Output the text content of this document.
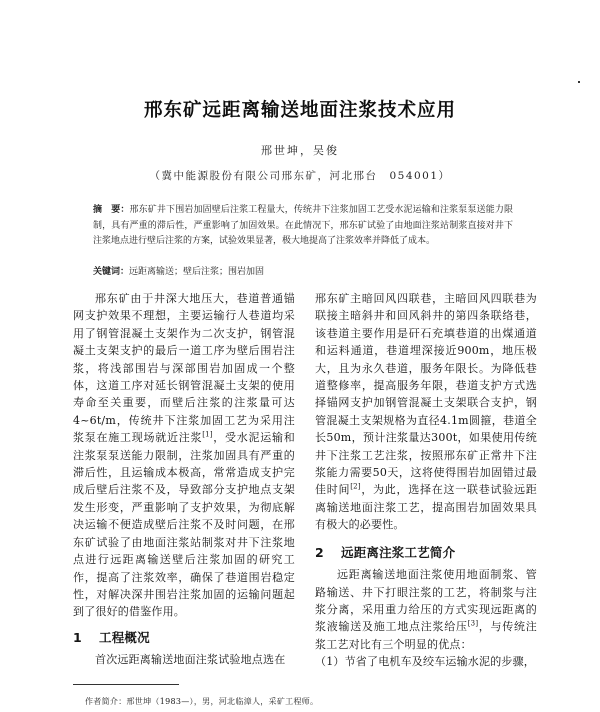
邢东矿远距离输送地面注浆技术应用
邢世坤，吴俊
（冀中能源股份有限公司邢东矿，河北邢台　054001）
摘　要：邢东矿井下围岩加固壁后注浆工程量大，传统井下注浆加固工艺受水泥运输和注浆泵泵送能力限制，具有严重的滞后性，严重影响了加固效果。在此情况下，邢东矿试验了由地面注浆站制浆直接对井下注浆地点进行壁后注浆的方案，试验效果显著，极大地提高了注浆效率并降低了成本。
关键词：远距离输送；壁后注浆；围岩加固

邢东矿由于井深大地压大，巷道普通锚网支护效果不理想，主要运输行人巷道均采用了钢管混凝土支架作为二次支护，钢管混凝土支架支护的最后一道工序为壁后围岩注浆，将浅部围岩与深部围岩加固成一个整体，这道工序对延长钢管混凝土支架的使用寿命至关重要，而壁后注浆的注浆量可达4~6t/m，传统井下注浆加固工艺为采用注浆泵在施工现场就近注浆[1]，受水泥运输和注浆泵泵送能力限制，注浆加固具有严重的滞后性，且运输成本极高，常常造成支护完成后壁后注浆不及，导致部分支护地点支架发生形变，严重影响了支护效果，为彻底解决运输不便造成壁后注浆不及时问题，在邢东矿试验了由地面注浆站制浆对井下注浆地点进行远距离输送壁后注浆加固的研究工作，提高了注浆效率，确保了巷道围岩稳定性，对解决深井围岩注浆加固的运输问题起到了很好的借鉴作用。

1 工程概况

首次远距离输送地面注浆试验地点选在

邢东矿主暗回风四联巷，主暗回风四联巷为联接主暗斜井和回风斜井的第四条联络巷，该巷道主要作用是矸石充填巷道的出煤通道和运料通道，巷道埋深接近900m，地压极大，且为永久巷道，服务年限长。为降低巷道整修率，提高服务年限，巷道支护方式选择锚网支护加钢管混凝土支架联合支护，钢管混凝土支架规格为直径4.1m圆箍，巷道全长50m，预计注浆量达300t，如果使用传统井下注浆工艺注浆，按照邢东矿正常井下注浆能力需要50天，这将使得围岩加固错过最佳时间[2]，为此，选择在这一联巷试验远距离输送地面注浆工艺，提高围岩加固效果具有极大的必要性。

2 远距离注浆工艺简介

远距离输送地面注浆使用地面制浆、管路输送、井下打眼注浆的工艺，将制浆与注浆分离，采用重力给压的方式实现远距离的浆液输送及施工地点注浆给压[3]，与传统注浆工艺对比有三个明显的优点：

（1）节省了电机车及绞车运输水泥的步骤，

作者简介：邢世坤（1983—），男，河北临漳人，采矿工程师。
